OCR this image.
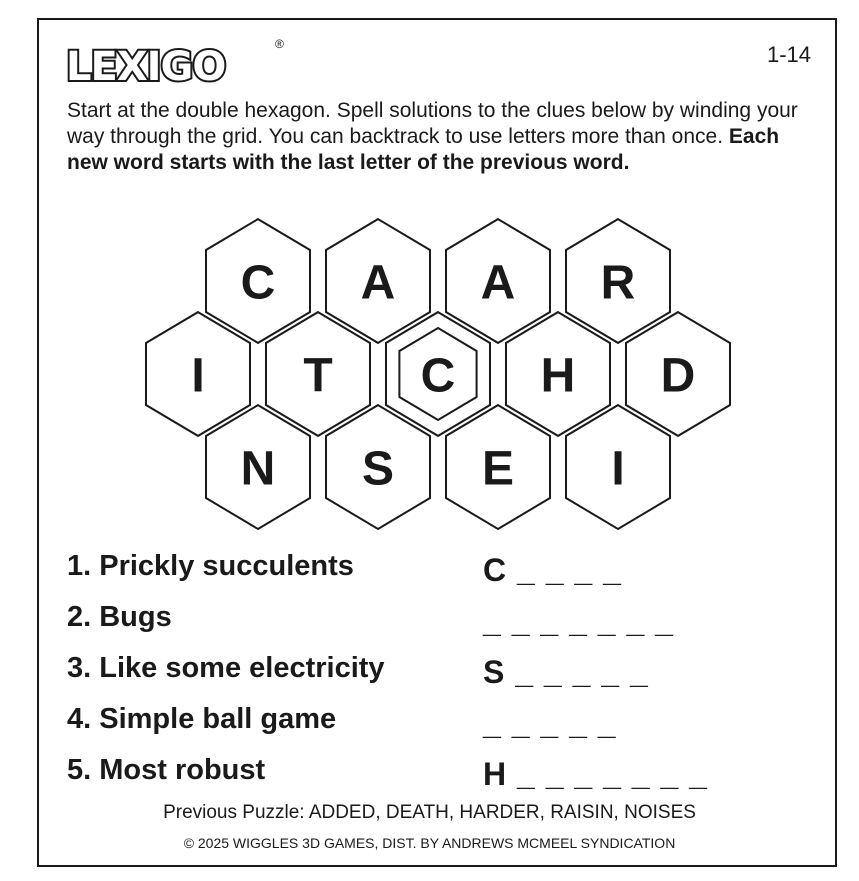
LEXIGO	®	1-14
Start at the double hexagon. Spell solutions to the clues below by winding your way through the grid. You can backtrack to use letters more than once. Each new word starts with the last letter of the previous word.
C A A R
I T C H D
N S E I
1. Prickly succulents	C _ _ _ _
2. Bugs	_ _ _ _ _ _ _
3. Like some electricity	S _ _ _ _ _
4. Simple ball game	_ _ _ _ _
5. Most robust	H _ _ _ _ _ _ _
Previous Puzzle: ADDED, DEATH, HARDER, RAISIN, NOISES
© 2025 WIGGLES 3D GAMES, DIST. BY ANDREWS MCMEEL SYNDICATION
